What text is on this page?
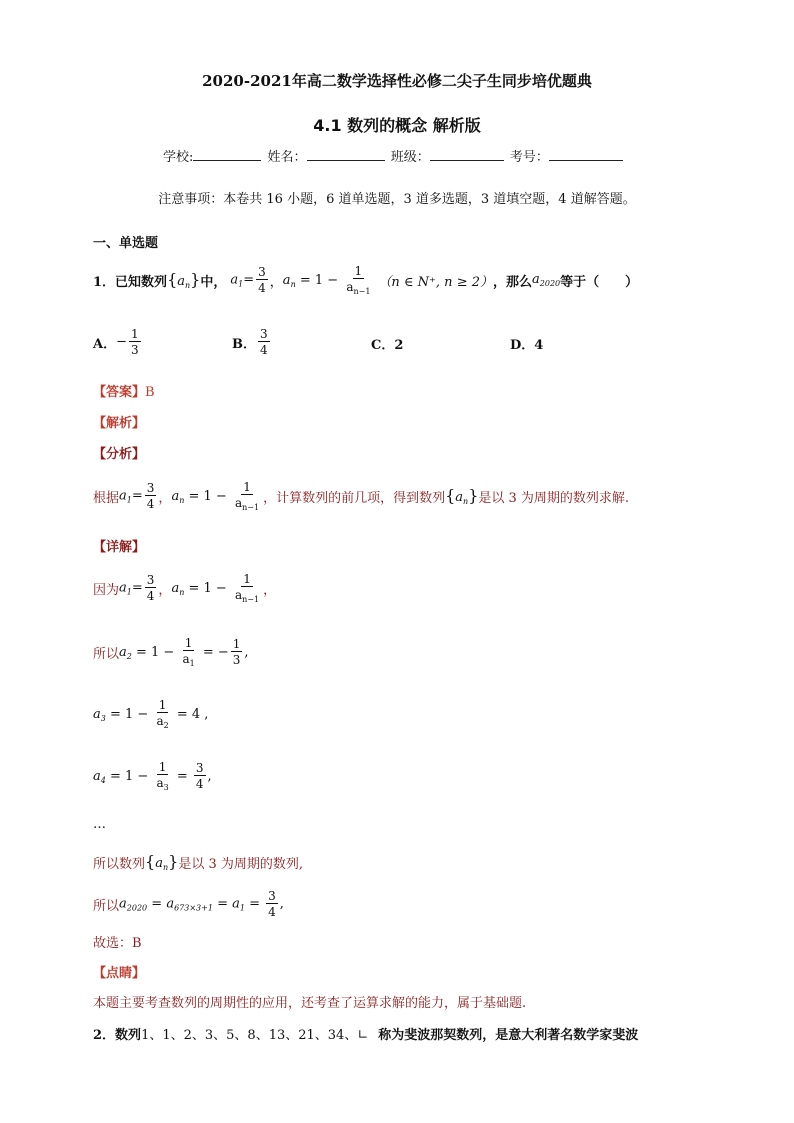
2020-2021年高二数学选择性必修二尖子生同步培优题典
4.1 数列的概念 解析版
学校:	姓名：	班级：	考号：
注意事项：本卷共 16 小题，6 道单选题，3 道多选题，3 道填空题，4 道解答题。
一、单选题
1． 已知数列 $\{a_n\}$ 中， $a_1= \frac{3}{4}$ ， $a_n = 1 - \frac{1}{a_{n-1}} (n$ ∈ N⁺, n ≥ 2） ，那么 $a_{2020}$ 等于（　　）
A． − $\frac{1}{3}$	B． $\frac{3}{4}$	C．2	D．4
【答案】B
【解析】
【分析】
根据 $a_1= \frac{3}{4}$ ， $a_n = 1 - \frac{1}{a_{n-1}}$ ，计算数列的前几项，得到数列 $\{a_n\}$ 是以 3 为周期的数列求解.
【详解】
因为 $a_1= \frac{3}{4}$ ， $a_n = 1 - \frac{1}{a_{n-1}}$ ，
所以 $a_2 = 1 - \frac{1}{a_1}$ = − $\frac{1}{3}$ ,
$a_3 = 1 - \frac{1}{a_2} = 4$ ,
$a_4 = 1 - \frac{1}{a_3} = \frac{3}{4}$ ,
…
所以数列 $\{a_n\}$ 是以 3 为周期的数列,
所以 $a_{2020} = a_{673\times 3+1} = a_1 = \frac{3}{4}$ ,
故选：B
【点睛】
本题主要考查数列的周期性的应用，还考查了运算求解的能力，属于基础题.
2．数列1、1、2、3、5、8、13、21、34、∟ 称为斐波那契数列，是意大利著名数学家斐波
